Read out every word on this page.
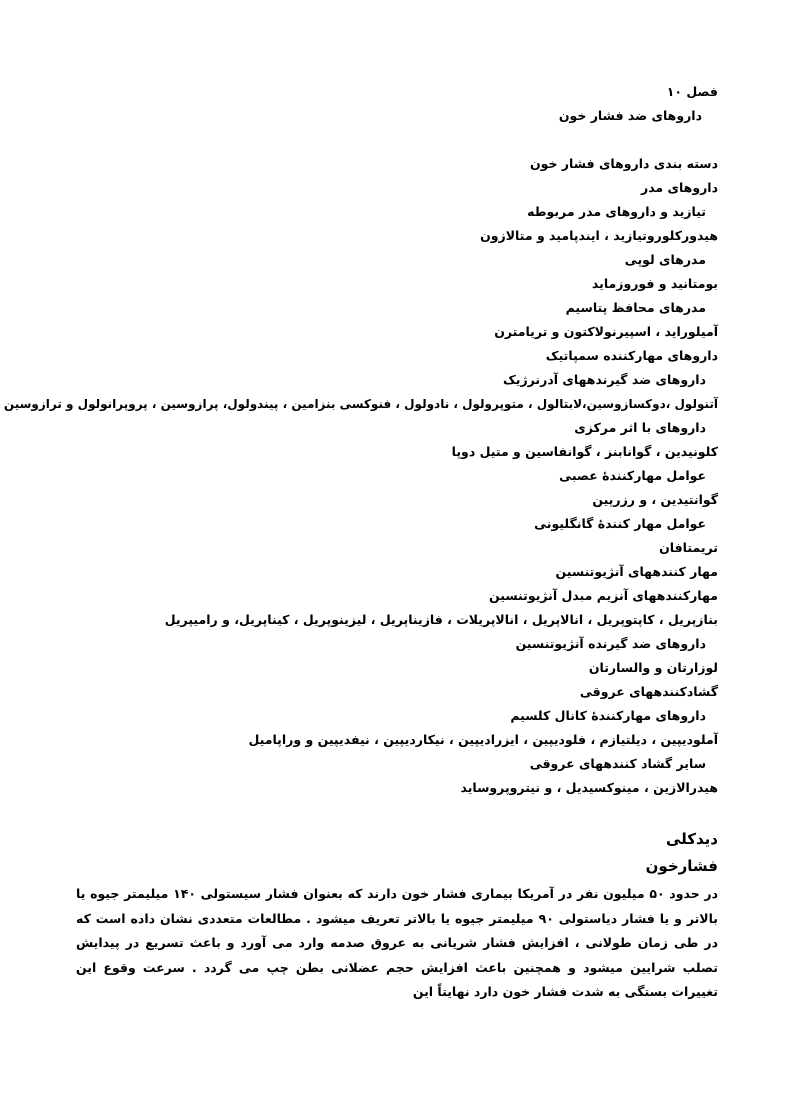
فصل ۱۰
داروهای ضد فشار خون
دسته بندی داروهای فشار خون
داروهای مدر
تیازید و داروهای مدر مربوطه
هیدورکلوروتیازید ، ایندپامید و متالازون
مدرهای لوپی
بومتانید و فوروزماید
مدرهای محافظ پتاسیم
آمیلوراید ، اسپیرنولاکتون و تریامترن
داروهای مهارکننده سمپاتیک
داروهای ضد گیرندههای آدرنرژیک
آتنولول ،دوکسازوسین،لابتالول ، متوپرولول ، نادولول ، فنوکسی بنزامین ، پیندولول، پرازوسین ، پروپرانولول و ترازوسین
داروهای با اثر مرکزی
کلونیدین ، گوانابنز ، گوانفاسین و متیل دوپا
عوامل مهارکنندهٔ عصبی
گوانتیدین ، و رزرپین
عوامل مهار کنندهٔ گانگلیونی
تریمتافان
مهار کنندههای آنژیوتنسین
مهارکنندههای آنزیم مبدل آنژیوتنسین
بنازپریل ، کاپتوپریل ، انالاپریل ، انالاپریلات ، فازیناپریل ، لیزینوپریل ، کیناپریل، و رامیپریل
داروهای ضد گیرنده آنژیوتنسین
لوزارتان و والسارتان
گشادکنندههای عروقی
داروهای مهارکنندهٔ کانال کلسیم
آملودیپین ، دیلتیازم ، فلودیپین ، ایزرادیپین ، نیکاردیپین ، نیفدیپین و وراپامیل
سایر گشاد کنندههای عروقی
هیدرالازین ، مینوکسیدیل ، و نیتروپروساید
دیدکلی
فشارخون
در حدود ۵۰ میلیون نفر در آمریکا بیماری فشار خون دارند که بعنوان فشار سیستولی ۱۴۰ میلیمتر جیوه یا بالاتر و یا فشار دیاستولی ۹۰ میلیمتر جیوه یا بالاتر تعریف میشود . مطالعات متعددی نشان داده است که در طی زمان طولانی ، افزایش فشار شریانی به عروق صدمه وارد می آورد و باعث تسریع در پیدایش تصلب شرایین میشود و همچنین باعث افزایش حجم عضلانی بطن چپ می گردد . سرعت وقوع این تغییرات بستگی به شدت فشار خون دارد نهایتاً این
